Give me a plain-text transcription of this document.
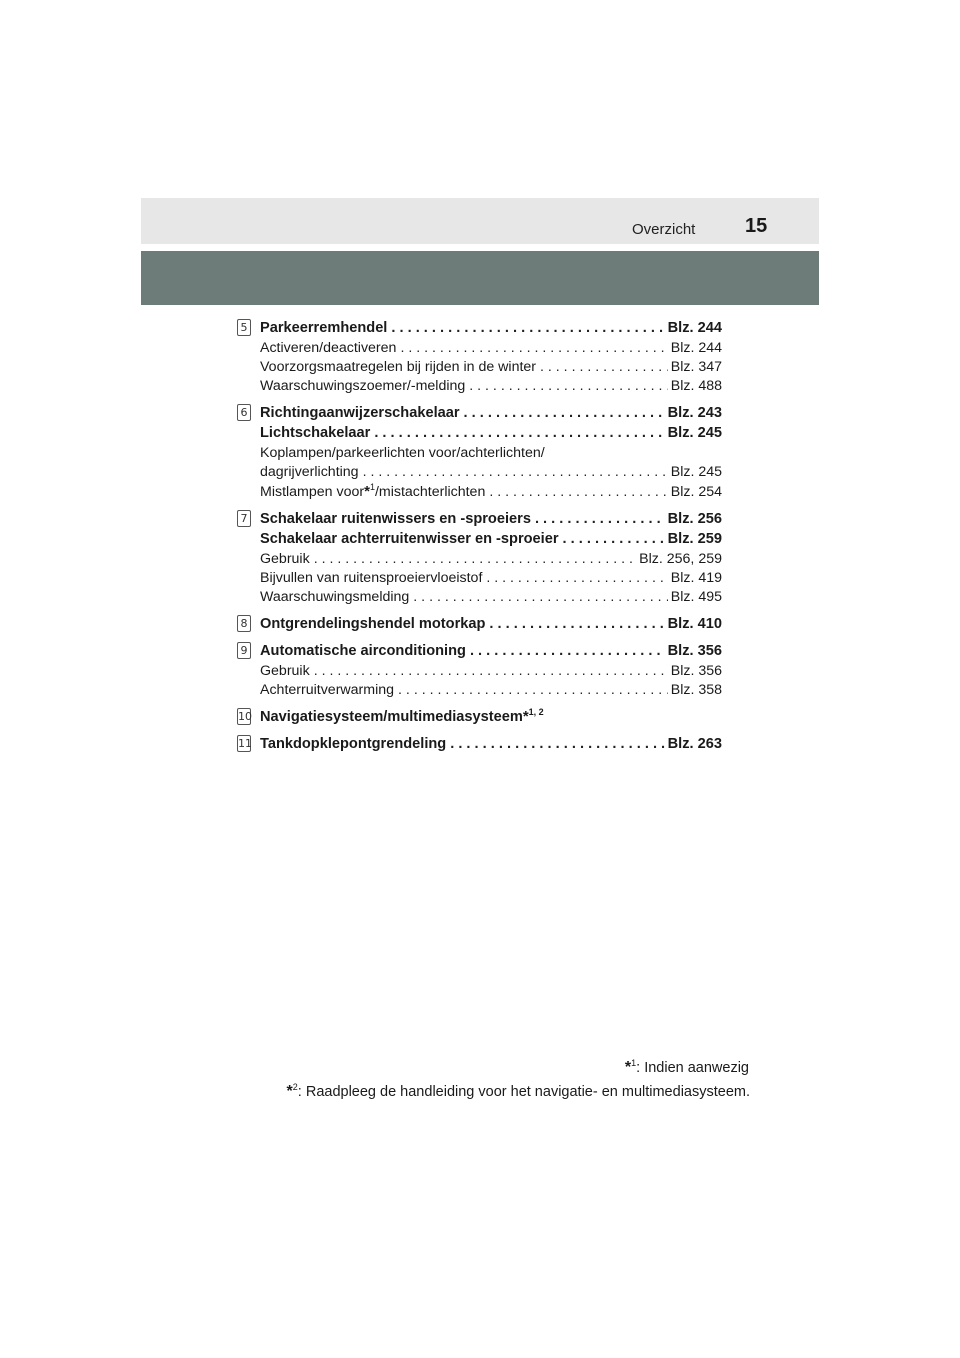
Overzicht 15
5 Parkeerremhendel . . .	Blz. 244
Activeren/deactiveren . . .	Blz. 244
Voorzorgsmaatregelen bij rijden in de winter . . .	Blz. 347
Waarschuwingszoemer/-melding . . .	Blz. 488
6 Richtingaanwijzerschakelaar . . .	Blz. 243
Lichtschakelaar . . .	Blz. 245
Koplampen/parkeerlichten voor/achterlichten/
dagrijverlichting . . .	Blz. 245
Mistlampen voor*$^1$/mistachterlichten . . .	Blz. 254
7 Schakelaar ruitenwissers en -sproeiers . . .	Blz. 256
Schakelaar achterruitenwisser en -sproeier . . .	Blz. 259
Gebruik . . .	Blz. 256, 259
Bijvullen van ruitensproeiervloeistof . . .	Blz. 419
Waarschuwingsmelding . . .	Blz. 495
8 Ontgrendelingshendel motorkap . . .	Blz. 410
9 Automatische airconditioning . . .	Blz. 356
Gebruik . . .	Blz. 356
Achterruitverwarming . . .	Blz. 358
10 Navigatiesysteem/multimediasysteem*$^{1, 2}$
11 Tankdopklepontgrendeling . . .	Blz. 263
*$^1$: Indien aanwezig
*$^2$: Raadpleeg de handleiding voor het navigatie- en multimediasysteem.
